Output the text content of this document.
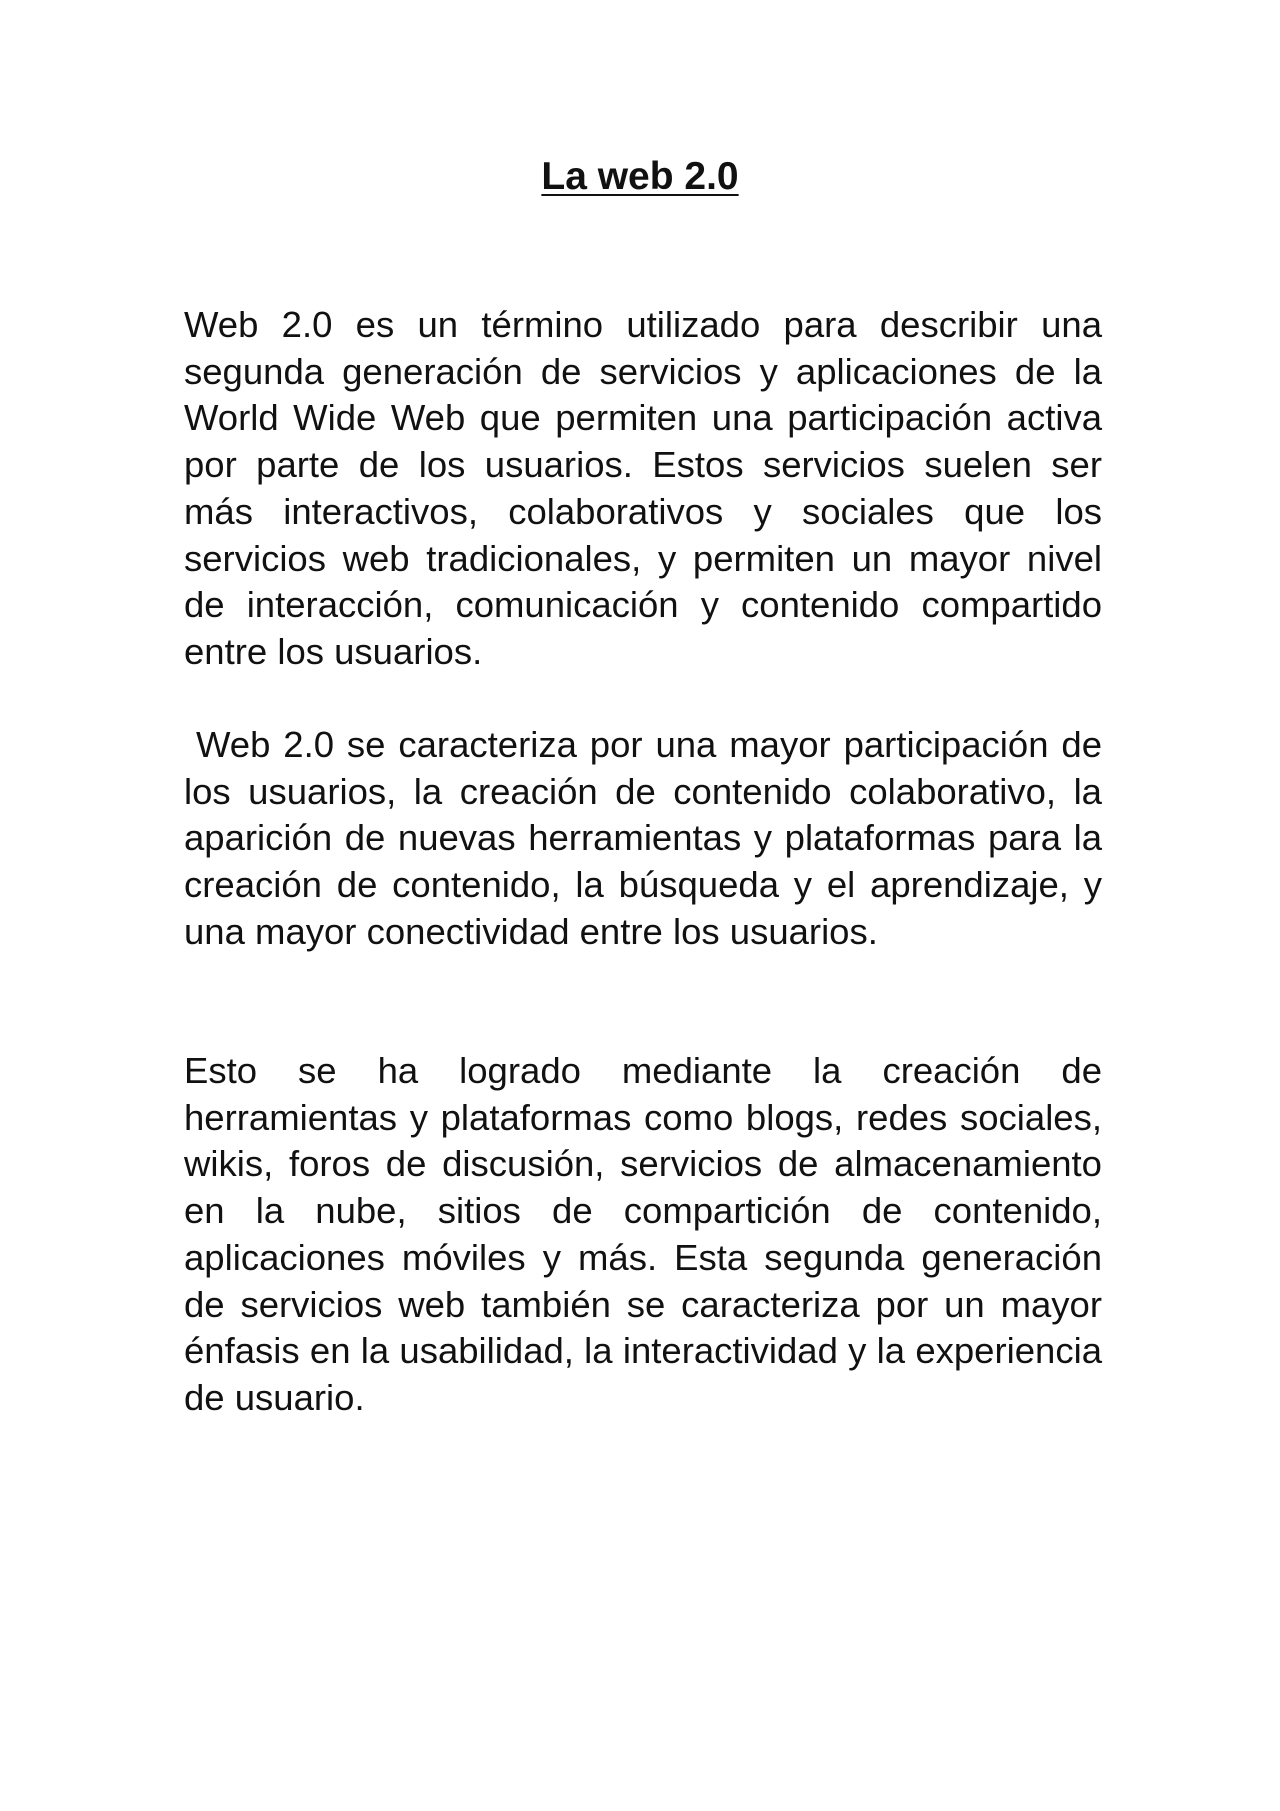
La web 2.0

Web 2.0 es un término utilizado para describir una segunda generación de servicios y aplicaciones de la World Wide Web que permiten una participación activa por parte de los usuarios. Estos servicios suelen ser más interactivos, colaborativos y sociales que los servicios web tradicionales, y permiten un mayor nivel de interacción, comunicación y contenido compartido entre los usuarios.

Web 2.0 se caracteriza por una mayor participación de los usuarios, la creación de contenido colaborativo, la aparición de nuevas herramientas y plataformas para la creación de contenido, la búsqueda y el aprendizaje, y una mayor conectividad entre los usuarios.

Esto se ha logrado mediante la creación de herramientas y plataformas como blogs, redes sociales, wikis, foros de discusión, servicios de almacenamiento en la nube, sitios de compartición de contenido, aplicaciones móviles y más. Esta segunda generación de servicios web también se caracteriza por un mayor énfasis en la usabilidad, la interactividad y la experiencia de usuario.
